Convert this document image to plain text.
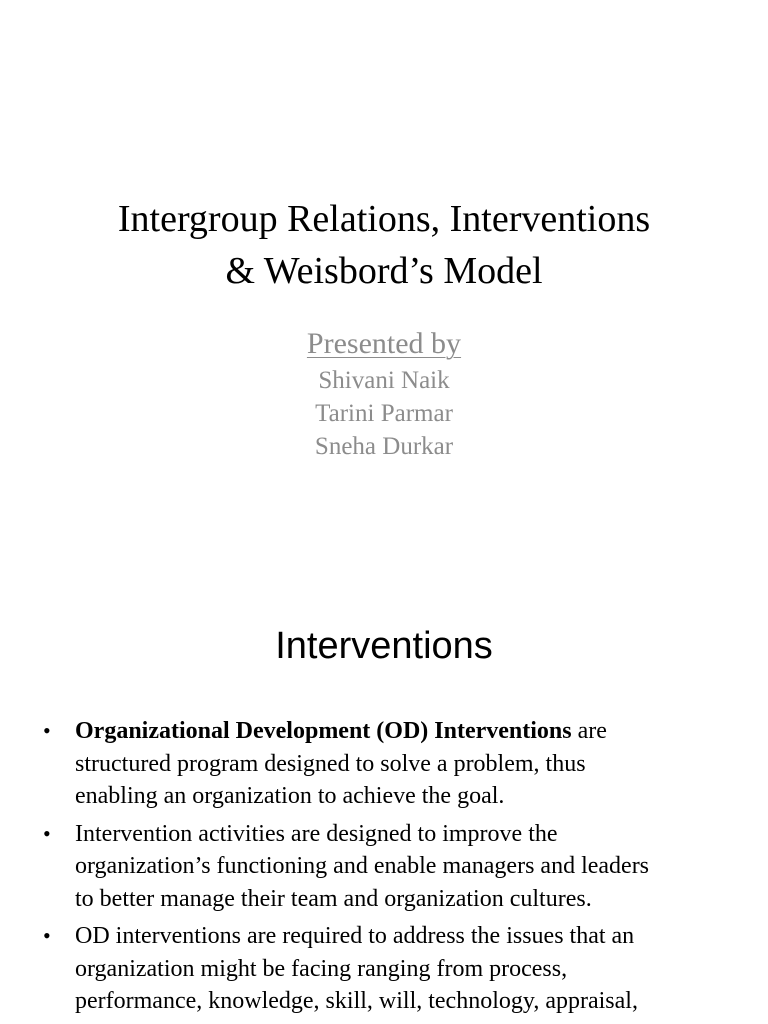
Intergroup Relations, Interventions
& Weisbord’s Model
Presented by
Shivani Naik
Tarini Parmar
Sneha Durkar
Interventions
• Organizational Development (OD) Interventions are
structured program designed to solve a problem, thus
enabling an organization to achieve the goal.
• Intervention activities are designed to improve the
organization’s functioning and enable managers and leaders
to better manage their team and organization cultures.
• OD interventions are required to address the issues that an
organization might be facing ranging from process,
performance, knowledge, skill, will, technology, appraisal,
